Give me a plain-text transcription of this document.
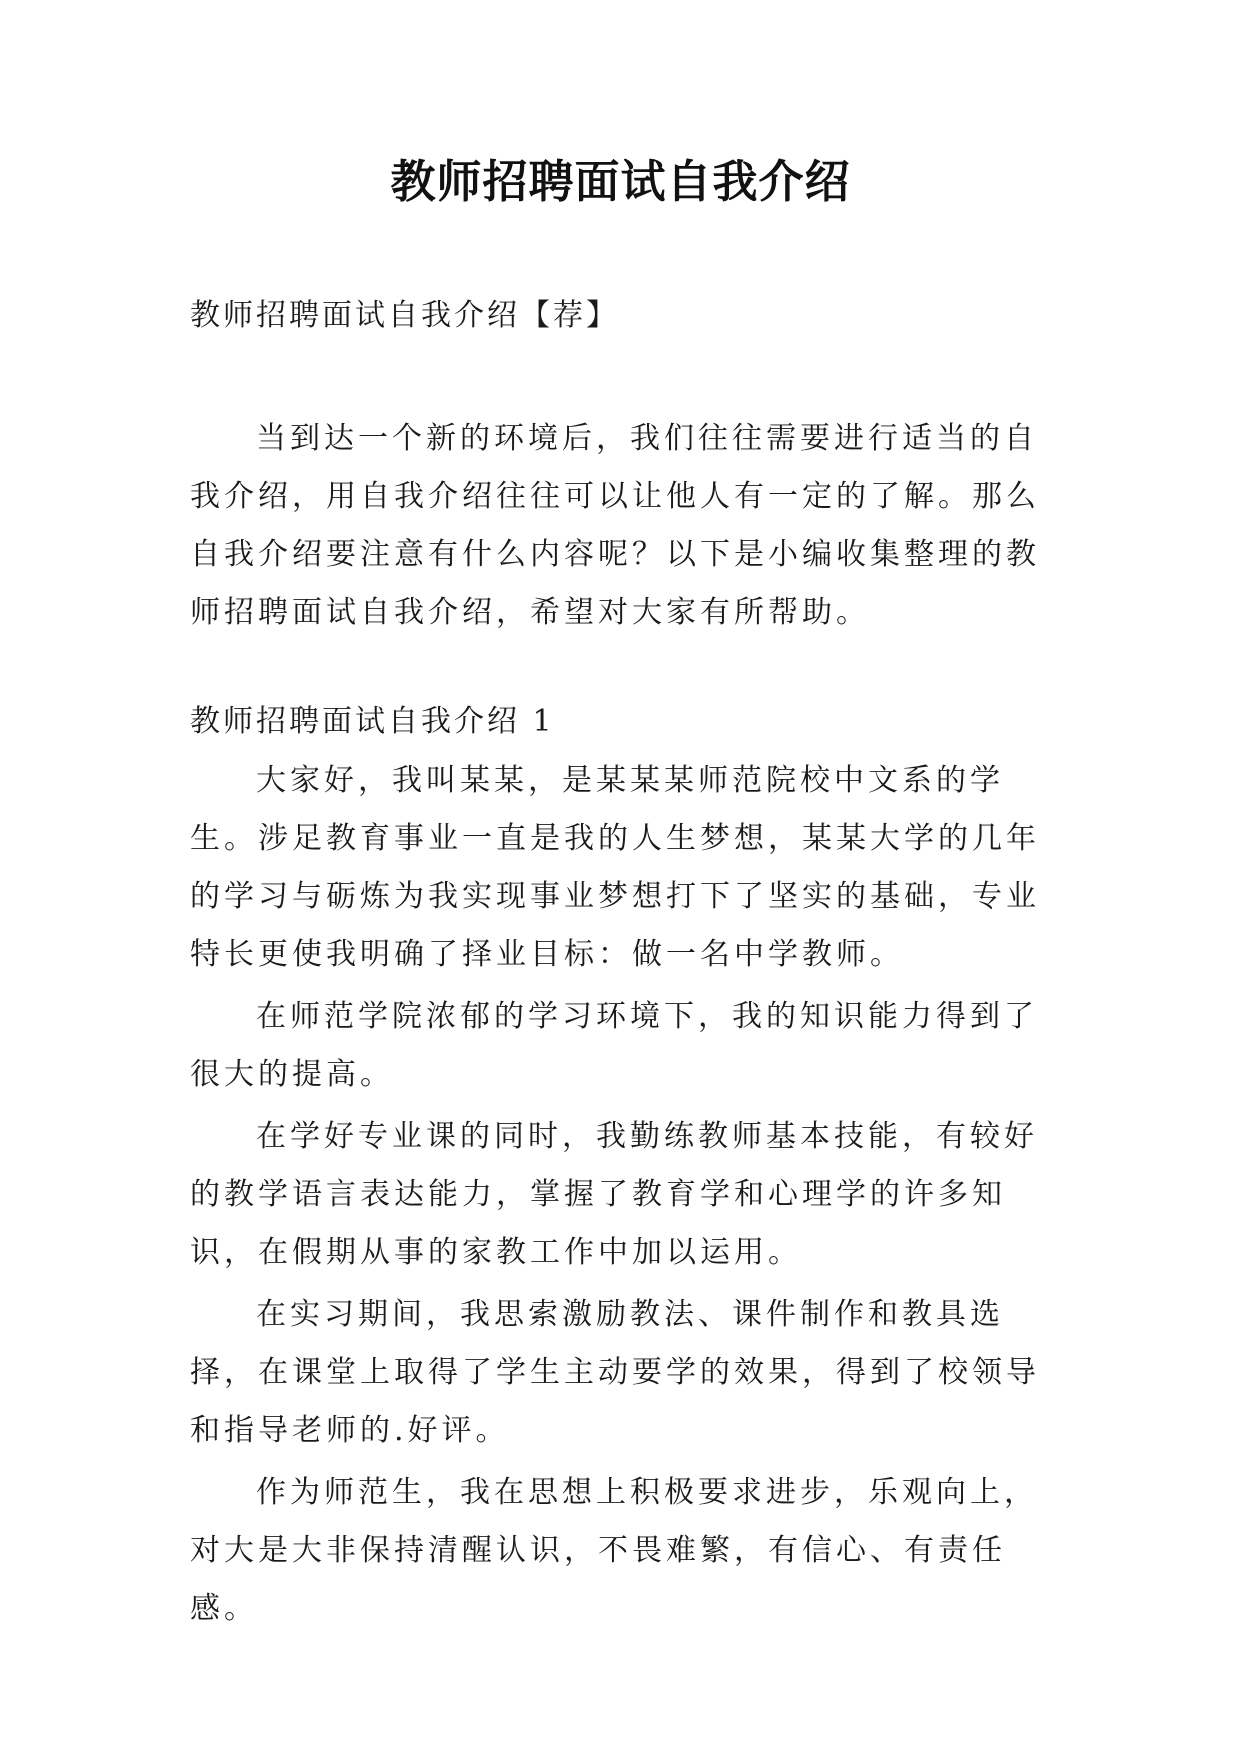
教师招聘面试自我介绍
教师招聘面试自我介绍【荐】

当到达一个新的环境后，我们往往需要进行适当的自我介绍，用自我介绍往往可以让他人有一定的了解。那么自我介绍要注意有什么内容呢？以下是小编收集整理的教师招聘面试自我介绍，希望对大家有所帮助。

教师招聘面试自我介绍 1

大家好，我叫某某，是某某某师范院校中文系的学生。涉足教育事业一直是我的人生梦想，某某大学的几年的学习与砺炼为我实现事业梦想打下了坚实的基础，专业特长更使我明确了择业目标：做一名中学教师。

在师范学院浓郁的学习环境下，我的知识能力得到了很大的提高。

在学好专业课的同时，我勤练教师基本技能，有较好的教学语言表达能力，掌握了教育学和心理学的许多知识，在假期从事的家教工作中加以运用。

在实习期间，我思索激励教法、课件制作和教具选择，在课堂上取得了学生主动要学的效果，得到了校领导和指导老师的.好评。

作为师范生，我在思想上积极要求进步，乐观向上，对大是大非保持清醒认识，不畏难繁，有信心、有责任感。
